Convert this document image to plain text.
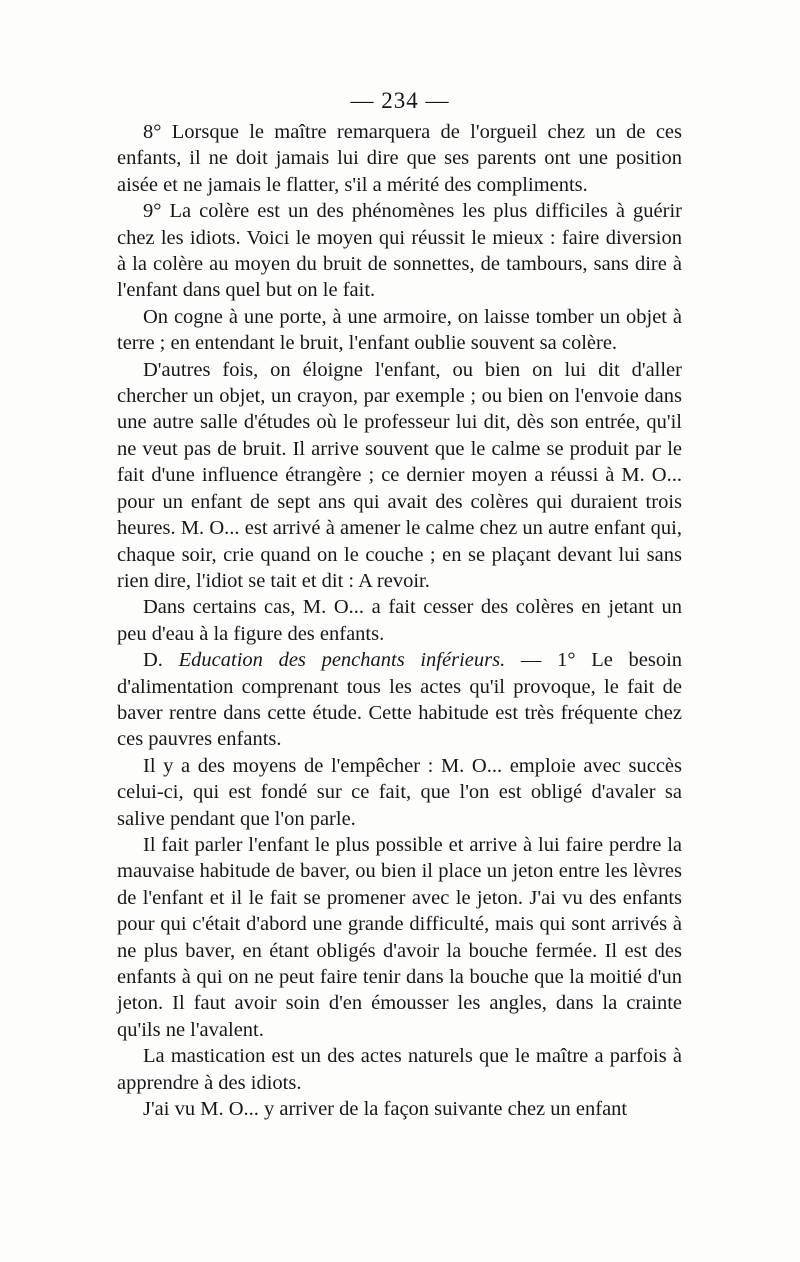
— 234 —

8° Lorsque le maître remarquera de l'orgueil chez un de ces enfants, il ne doit jamais lui dire que ses parents ont une position aisée et ne jamais le flatter, s'il a mérité des compliments.

9° La colère est un des phénomènes les plus difficiles à guérir chez les idiots. Voici le moyen qui réussit le mieux : faire diversion à la colère au moyen du bruit de sonnettes, de tambours, sans dire à l'enfant dans quel but on le fait.

On cogne à une porte, à une armoire, on laisse tomber un objet à terre ; en entendant le bruit, l'enfant oublie souvent sa colère.

D'autres fois, on éloigne l'enfant, ou bien on lui dit d'aller chercher un objet, un crayon, par exemple ; ou bien on l'envoie dans une autre salle d'études où le professeur lui dit, dès son entrée, qu'il ne veut pas de bruit. Il arrive souvent que le calme se produit par le fait d'une influence étrangère ; ce dernier moyen a réussi à M. O... pour un enfant de sept ans qui avait des colères qui duraient trois heures. M. O... est arrivé à amener le calme chez un autre enfant qui, chaque soir, crie quand on le couche ; en se plaçant devant lui sans rien dire, l'idiot se tait et dit : A revoir.

Dans certains cas, M. O... a fait cesser des colères en jetant un peu d'eau à la figure des enfants.

D. Education des penchants inférieurs. — 1° Le besoin d'alimentation comprenant tous les actes qu'il provoque, le fait de baver rentre dans cette étude. Cette habitude est très fréquente chez ces pauvres enfants.

Il y a des moyens de l'empêcher : M. O... emploie avec succès celui-ci, qui est fondé sur ce fait, que l'on est obligé d'avaler sa salive pendant que l'on parle.

Il fait parler l'enfant le plus possible et arrive à lui faire perdre la mauvaise habitude de baver, ou bien il place un jeton entre les lèvres de l'enfant et il le fait se promener avec le jeton. J'ai vu des enfants pour qui c'était d'abord une grande difficulté, mais qui sont arrivés à ne plus baver, en étant obligés d'avoir la bouche fermée. Il est des enfants à qui on ne peut faire tenir dans la bouche que la moitié d'un jeton. Il faut avoir soin d'en émousser les angles, dans la crainte qu'ils ne l'avalent.

La mastication est un des actes naturels que le maître a parfois à apprendre à des idiots.

J'ai vu M. O... y arriver de la façon suivante chez un enfant
